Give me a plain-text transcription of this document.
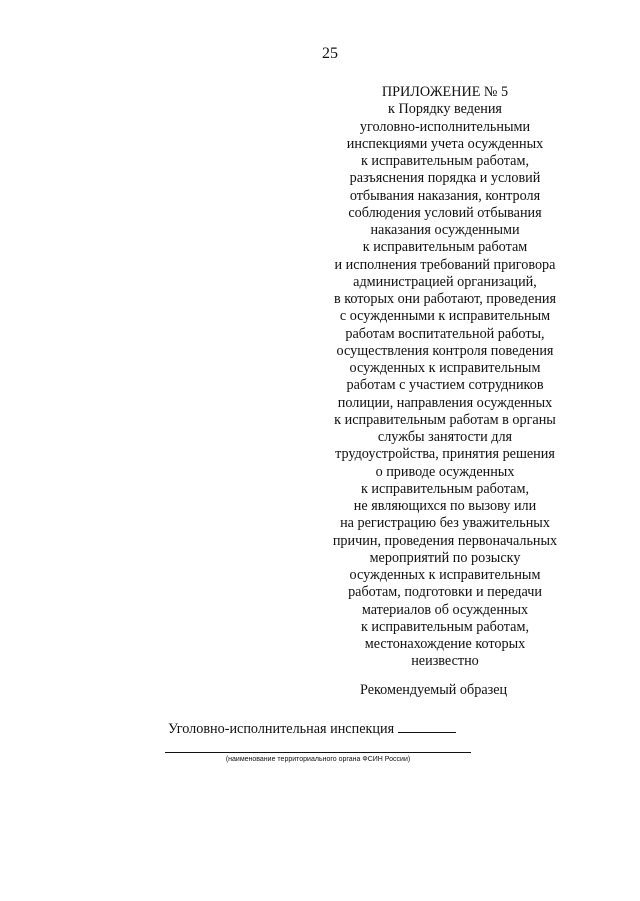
25
ПРИЛОЖЕНИЕ № 5
к Порядку ведения
уголовно-исполнительными
инспекциями учета осужденных
к исправительным работам,
разъяснения порядка и условий
отбывания наказания, контроля
соблюдения условий отбывания
наказания осужденными
к исправительным работам
и исполнения требований приговора
администрацией организаций,
в которых они работают, проведения
с осужденными к исправительным
работам воспитательной работы,
осуществления контроля поведения
осужденных к исправительным
работам с участием сотрудников
полиции, направления осужденных
к исправительным работам в органы
службы занятости для
трудоустройства, принятия решения
о приводе осужденных
к исправительным работам,
не являющихся по вызову или
на регистрацию без уважительных
причин, проведения первоначальных
мероприятий по розыску
осужденных к исправительным
работам, подготовки и передачи
материалов об осужденных
к исправительным работам,
местонахождение которых
неизвестно
Рекомендуемый образец
Уголовно-исполнительная инспекция
(наименование территориального органа ФСИН России)
